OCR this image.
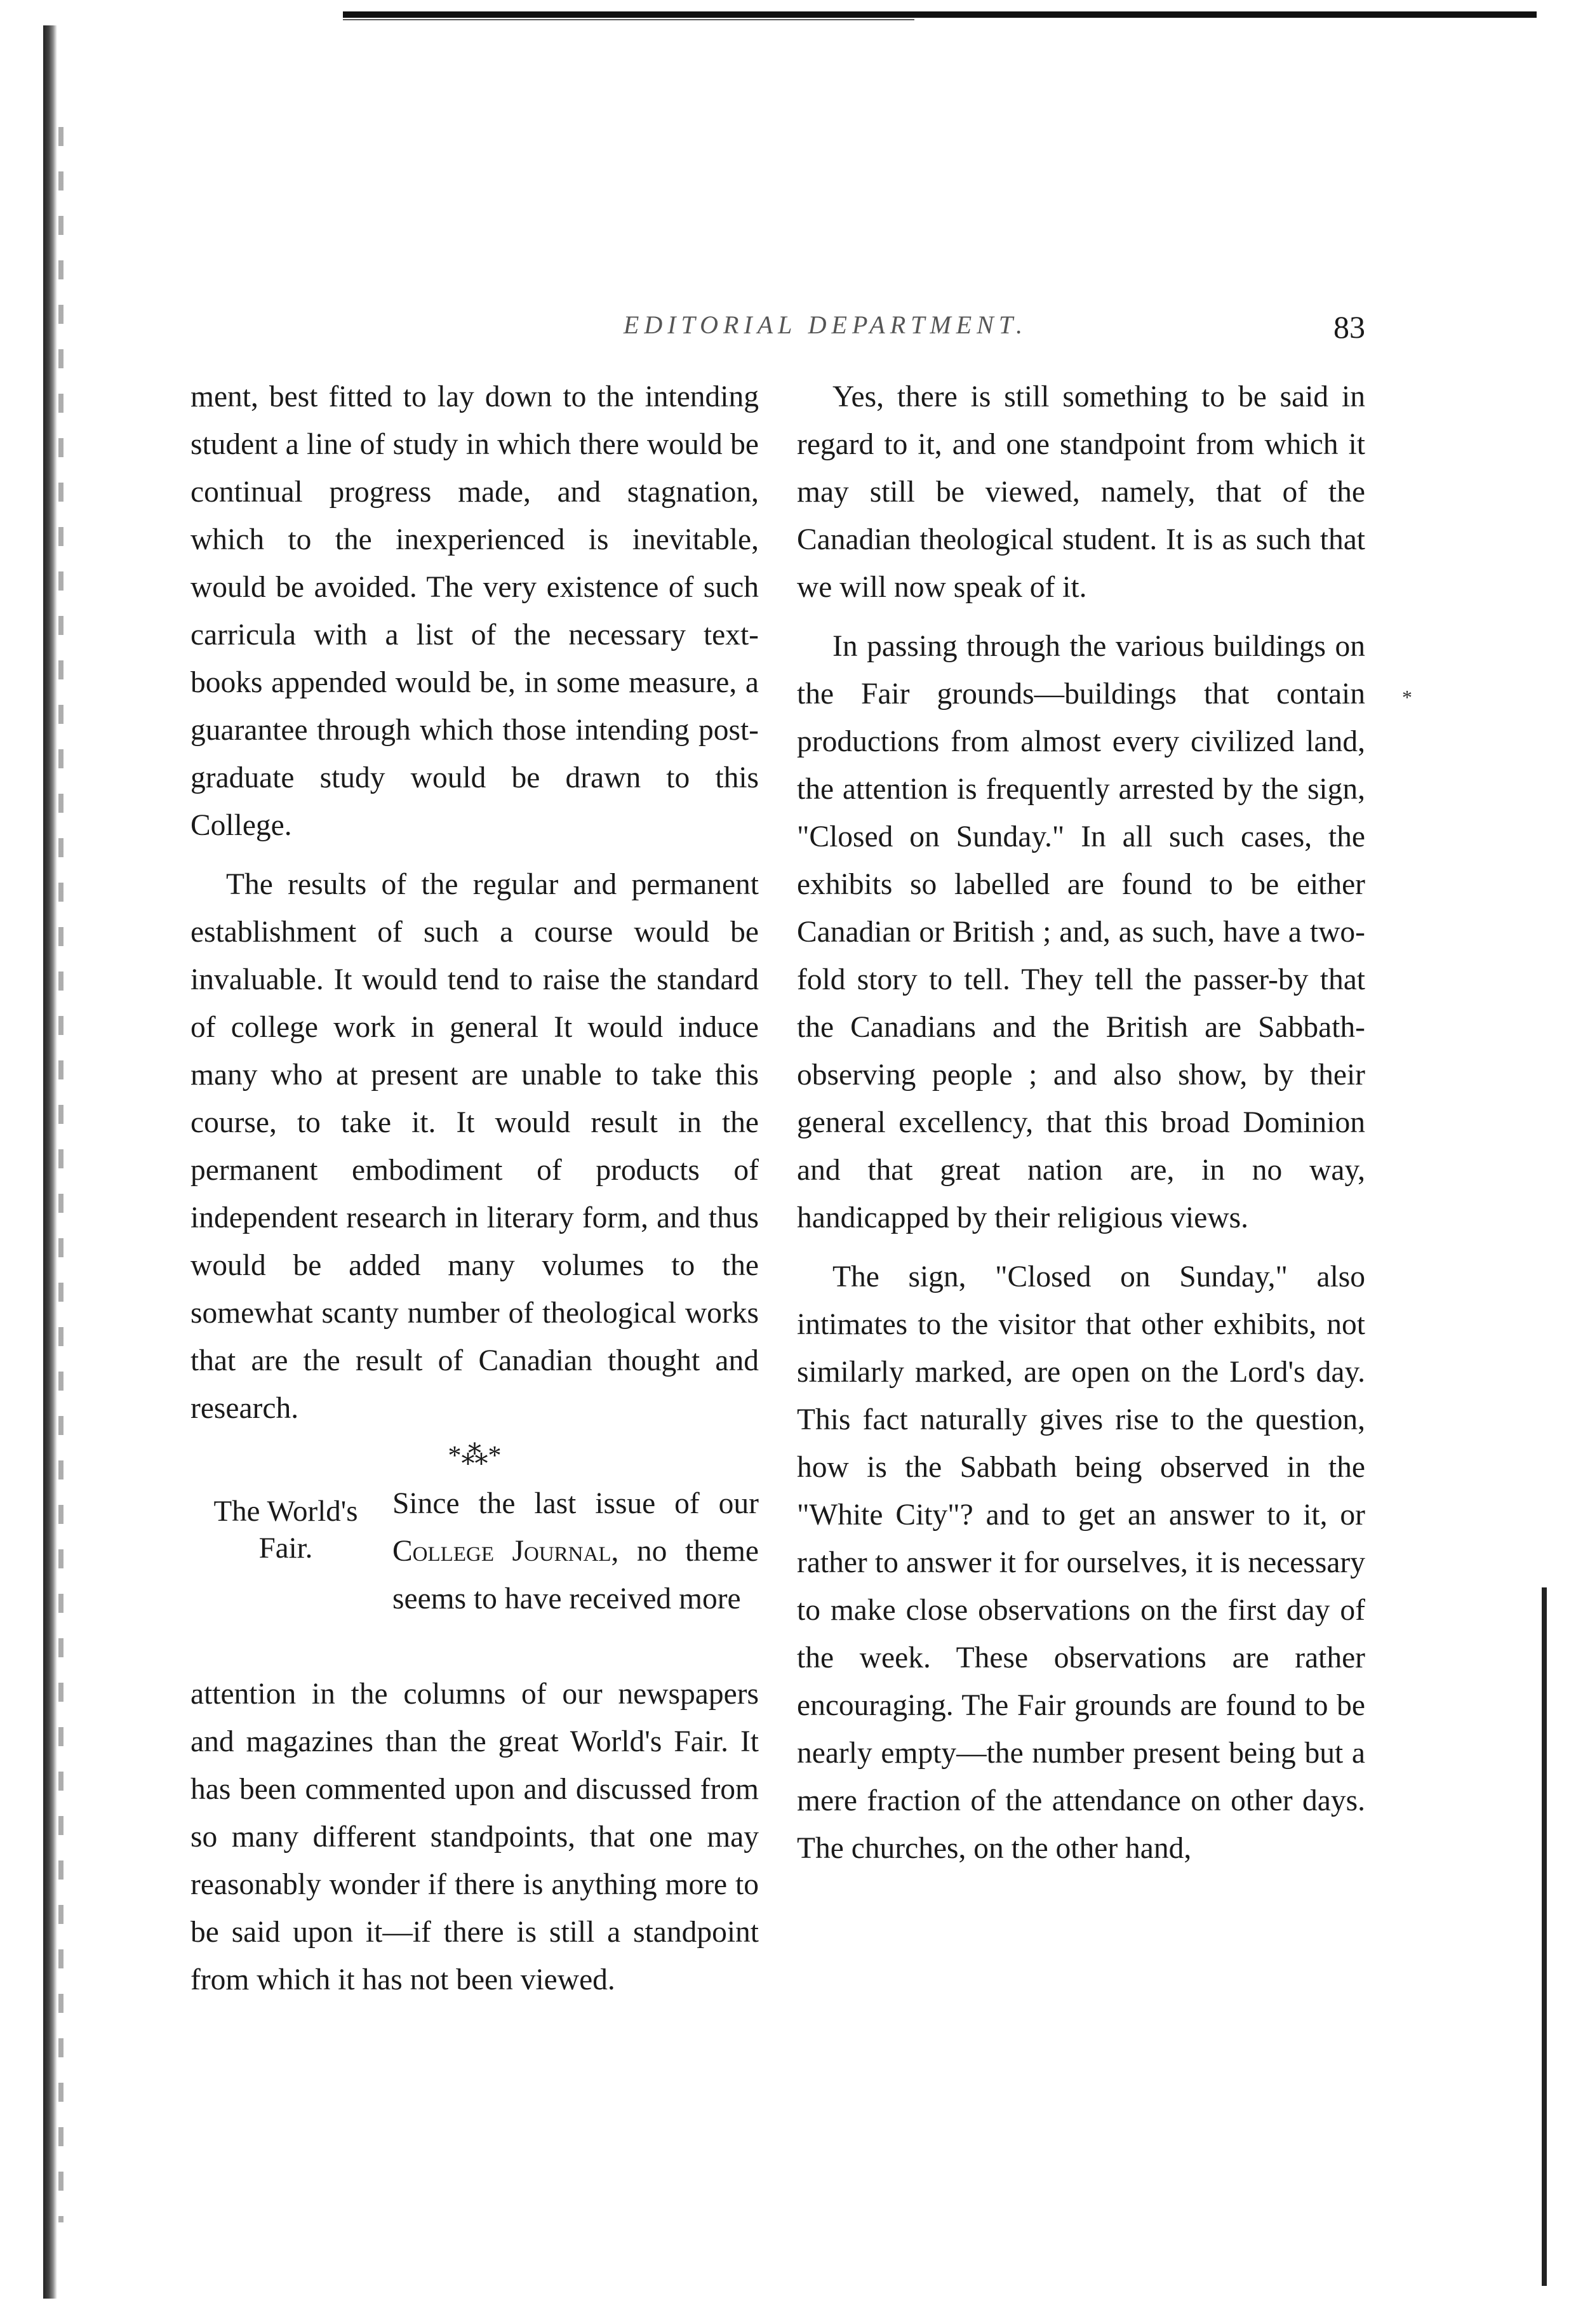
EDITORIAL DEPARTMENT.	83
*

ment, best fitted to lay down to the intending student a line of study in which there would be continual progress made, and stagnation, which to the inexperienced is inevitable, would be avoided. The very existence of such carricula with a list of the necessary text-books appended would be, in some measure, a guarantee through which those intending post-graduate study would be drawn to this College.

The results of the regular and permanent establishment of such a course would be invaluable. It would tend to raise the standard of college work in general It would induce many who at present are unable to take this course, to take it. It would result in the permanent embodiment of products of independent research in literary form, and thus would be added many volumes to the somewhat scanty number of theological works that are the result of Canadian thought and research.

*⁂*
The World's Fair.
Since the last issue of our College Journal, no theme seems to have received more

attention in the columns of our newspapers and magazines than the great World's Fair. It has been commented upon and discussed from so many different standpoints, that one may reasonably wonder if there is anything more to be said upon it—if there is still a standpoint from which it has not been viewed.

Yes, there is still something to be said in regard to it, and one standpoint from which it may still be viewed, namely, that of the Canadian theological student. It is as such that we will now speak of it.

In passing through the various buildings on the Fair grounds—buildings that contain productions from almost every civilized land, the attention is frequently arrested by the sign, "Closed on Sunday." In all such cases, the exhibits so labelled are found to be either Canadian or British ; and, as such, have a two-fold story to tell. They tell the passer-by that the Canadians and the British are Sabbath-observing people ; and also show, by their general excellency, that this broad Dominion and that great nation are, in no way, handicapped by their religious views.

The sign, "Closed on Sunday," also intimates to the visitor that other exhibits, not similarly marked, are open on the Lord's day. This fact naturally gives rise to the question, how is the Sabbath being observed in the "White City"? and to get an answer to it, or rather to answer it for ourselves, it is necessary to make close observations on the first day of the week. These observations are rather encouraging. The Fair grounds are found to be nearly empty—the number present being but a mere fraction of the attendance on other days. The churches, on the other hand,
